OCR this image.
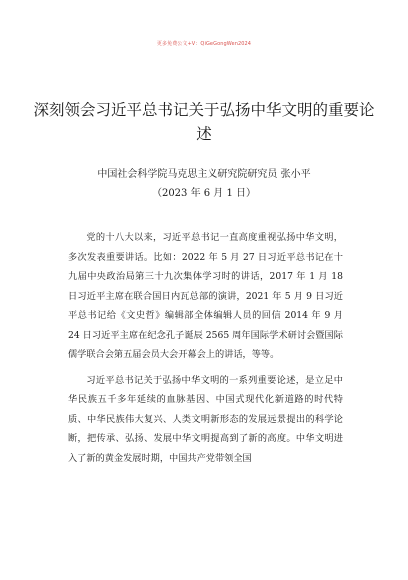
更多免费公文+V：QiGeGongWen2024
深刻领会习近平总书记关于弘扬中华文明的重要论述
中国社会科学院马克思主义研究院研究员 张小平
（2023 年 6 月 1 日）

党的十八大以来，习近平总书记一直高度重视弘扬中华文明，多次发表重要讲话。比如：2022 年 5 月 27 日习近平总书记在十九届中央政治局第三十九次集体学习时的讲话，2017 年 1 月 18 日习近平主席在联合国日内瓦总部的演讲，2021 年 5 月 9 日习近平总书记给《文史哲》编辑部全体编辑人员的回信 2014 年 9 月 24 日习近平主席在纪念孔子诞辰 2565 周年国际学术研讨会暨国际儒学联合会第五届会员大会开幕会上的讲话，等等。

习近平总书记关于弘扬中华文明的一系列重要论述，是立足中华民族五千多年延续的血脉基因、中国式现代化新道路的时代特质、中华民族伟大复兴、人类文明新形态的发展远景提出的科学论断，把传承、弘扬、发展中华文明提高到了新的高度。中华文明进入了新的黄金发展时期，中国共产党带领全国
